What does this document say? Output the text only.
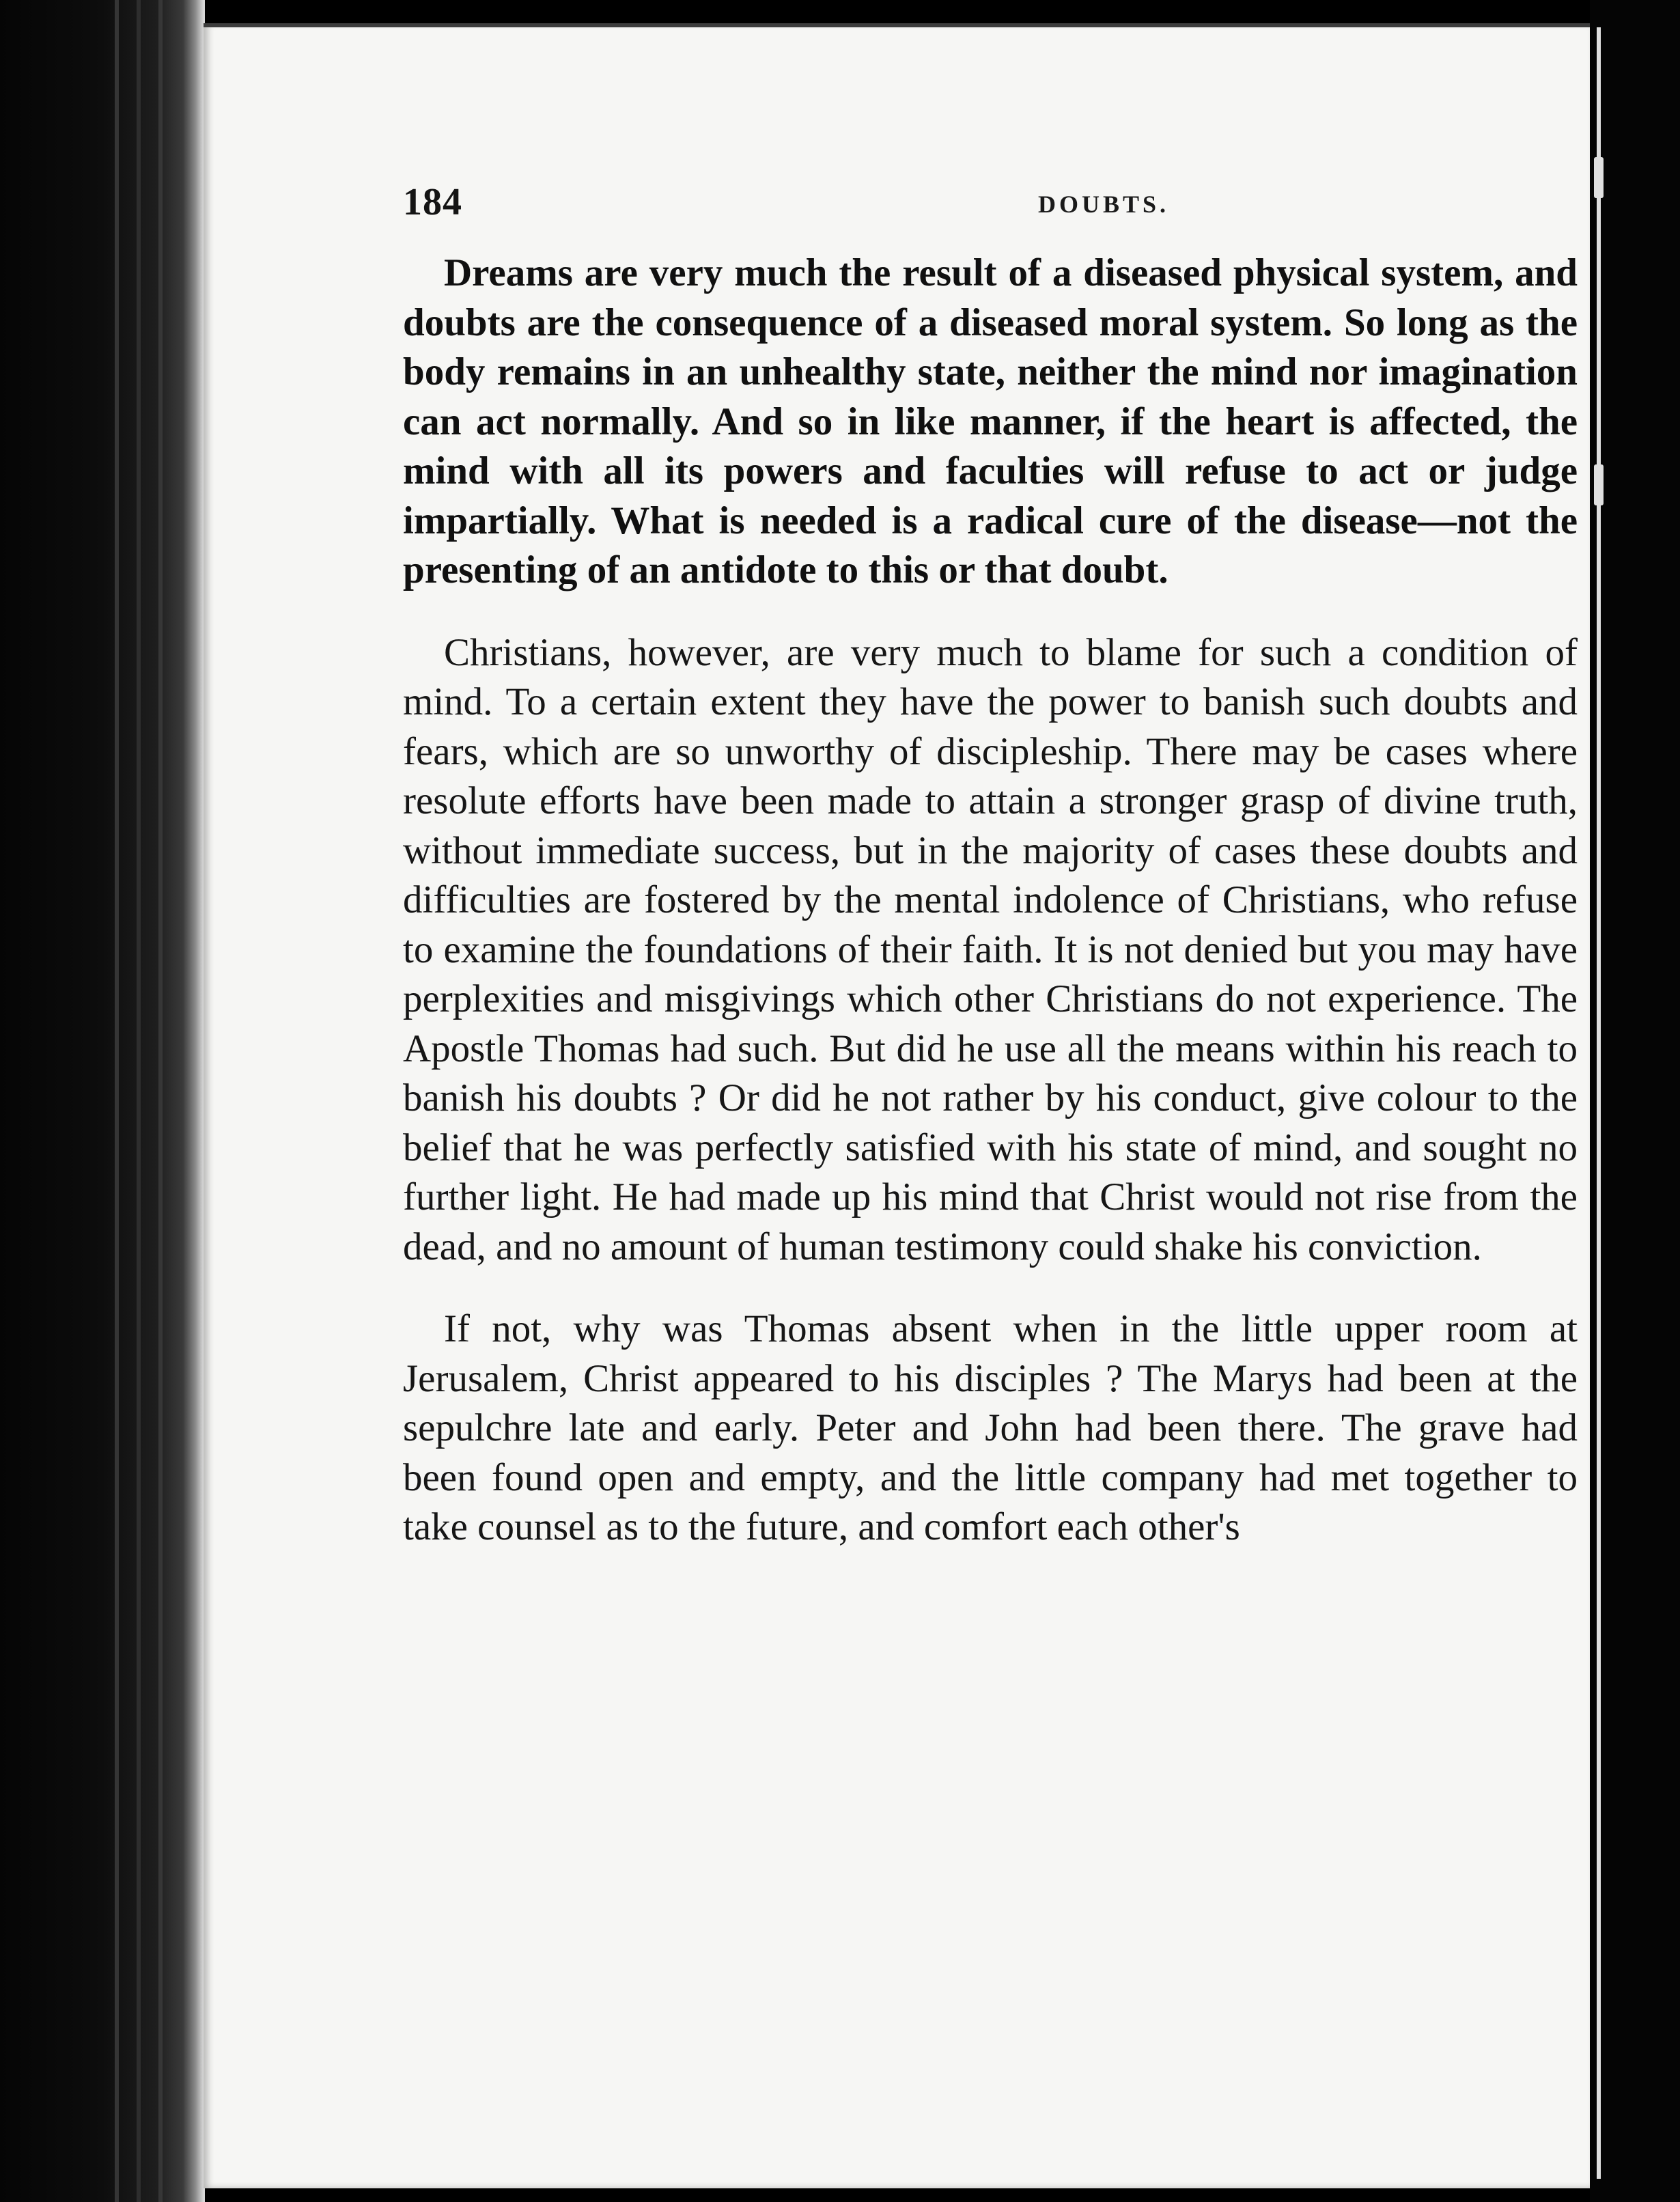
184	DOUBTS.

Dreams are very much the result of a diseased physical system, and doubts are the consequence of a diseased moral system. So long as the body remains in an unhealthy state, neither the mind nor imagination can act normally. And so in like manner, if the heart is affected, the mind with all its powers and faculties will refuse to act or judge impartially. What is needed is a radical cure of the disease—not the presenting of an antidote to this or that doubt.

Christians, however, are very much to blame for such a condition of mind. To a certain extent they have the power to banish such doubts and fears, which are so unworthy of discipleship. There may be cases where resolute efforts have been made to attain a stronger grasp of divine truth, without immediate success, but in the majority of cases these doubts and difficulties are fostered by the mental indolence of Christians, who refuse to examine the foundations of their faith. It is not denied but you may have perplexities and misgivings which other Christians do not experience. The Apostle Thomas had such. But did he use all the means within his reach to banish his doubts ? Or did he not rather by his conduct, give colour to the belief that he was perfectly satisfied with his state of mind, and sought no further light. He had made up his mind that Christ would not rise from the dead, and no amount of human testimony could shake his conviction.

If not, why was Thomas absent when in the little upper room at Jerusalem, Christ appeared to his disciples ? The Marys had been at the sepulchre late and early. Peter and John had been there. The grave had been found open and empty, and the little company had met together to take counsel as to the future, and comfort each other's
